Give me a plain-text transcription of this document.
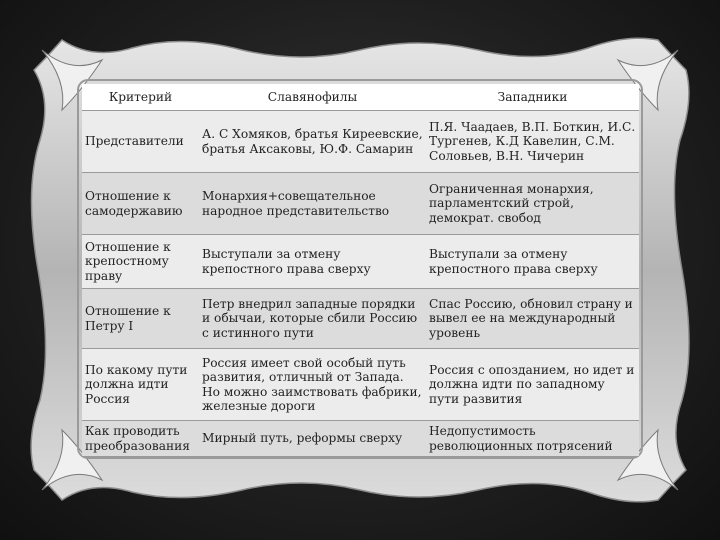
Критерий	Славянофилы	Западники
Представители	А. С Хомяков, братья Киреевские, братья Аксаковы, Ю.Ф. Самарин	П.Я. Чаадаев, В.П. Боткин, И.С. Тургенев, К.Д Кавелин, С.М. Соловьев, В.Н. Чичерин
Отношение к самодержавию	Монархия+совещательное народное представительство	Ограниченная монархия, парламентский строй, демократ. свобод
Отношение к крепостному праву	Выступали за отмену крепостного права сверху	Выступали за отмену крепостного права сверху
Отношение к Петру I	Петр внедрил западные порядки и обычаи, которые сбили Россию с истинного пути	Спас Россию, обновил страну и вывел ее на международный уровень
По какому пути должна идти Россия	Россия имеет свой особый путь развития, отличный от Запада. Но можно заимствовать фабрики, железные дороги	Россия с опозданием, но идет и должна идти по западному пути развития
Как проводить преобразования	Мирный путь, реформы сверху	Недопустимость революционных потрясений
